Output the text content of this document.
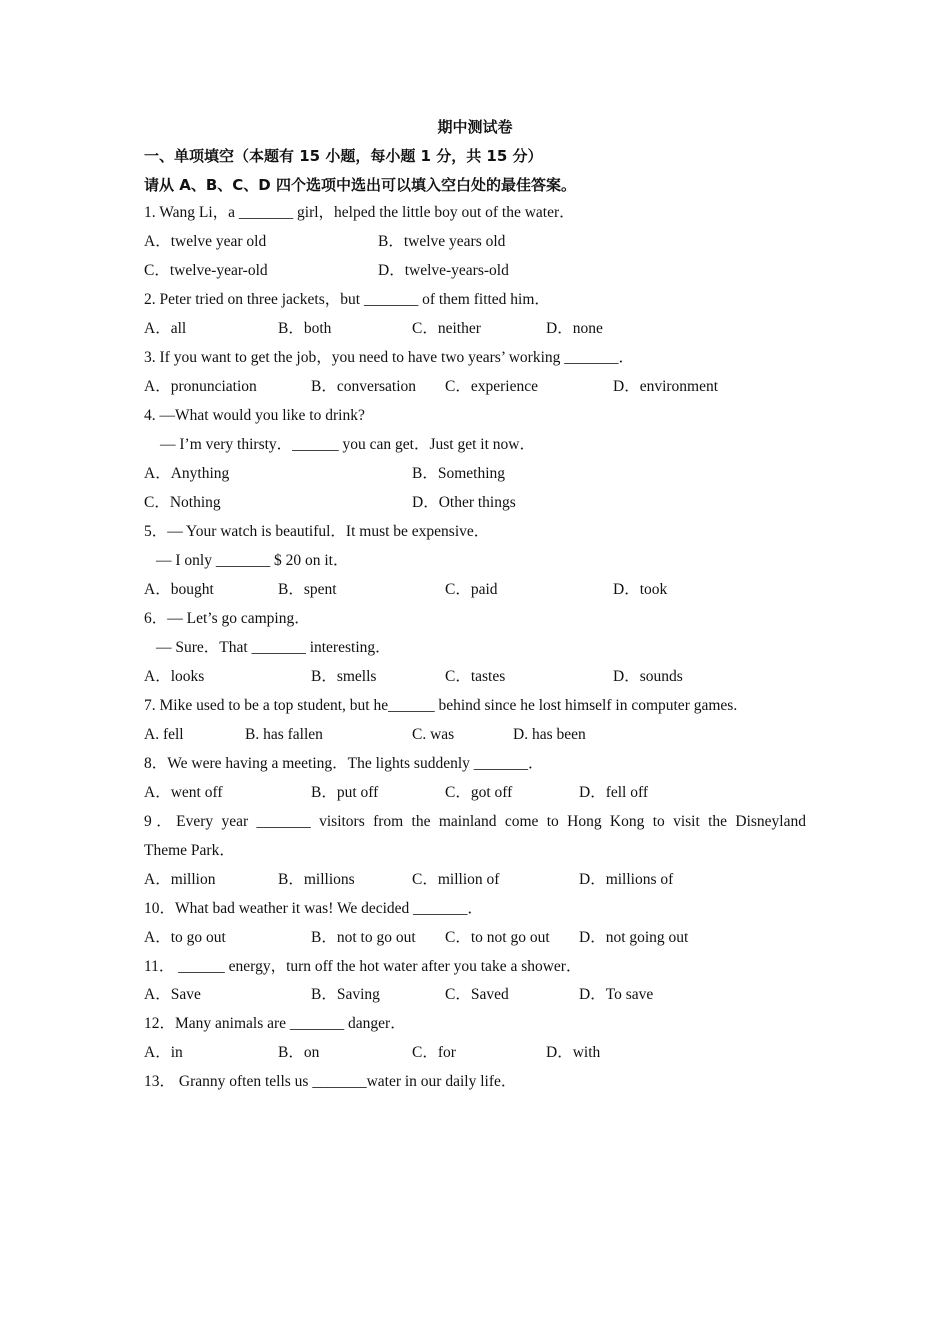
期中测试卷
一、单项填空（本题有 15 小题，每小题 1 分，共 15 分）
请从 A、B、C、D 四个选项中选出可以填入空白处的最佳答案。
1. Wang Li，a _______ girl，helped the little boy out of the water．
A．twelve year old	B．twelve years old
C．twelve-year-old	D．twelve-years-old
2. Peter tried on three jackets，but _______ of them fitted him．
A．all	B．both	C．neither	D．none
3. If you want to get the job，you need to have two years’ working _______．
A．pronunciation	B．conversation C．experience	D．environment
4. —What would you like to drink?
— I’m very thirsty．______ you can get．Just get it now．
A．Anything	B．Something
C．Nothing	D．Other things
5．— Your watch is beautiful．It must be expensive．
— I only _______ $ 20 on it．
A．bought	B．spent	C．paid	D．took
6．— Let’s go camping．
— Sure．That _______ interesting．
A．looks	B．smells	C．tastes	D．sounds
7. Mike used to be a top student, but he______ behind since he lost himself in computer games.
A. fell	B. has fallen	C. was	D. has been
8．We were having a meeting．The lights suddenly _______．
A．went off	B．put off	C．got off	D．fell off
9．Every year _______ visitors from the mainland come to Hong Kong to visit the Disneyland
Theme Park．
A．million	B．millions	C．million of	D．millions of
10．What bad weather it was! We decided _______．
A．to go out	B．not to go out C．to not go out D．not going out
11． ______ energy，turn off the hot water after you take a shower．
A．Save	B．Saving	C．Saved	D．To save
12．Many animals are _______ danger．
A．in	B．on	C．for	D．with
13． Granny often tells us _______water in our daily life．
